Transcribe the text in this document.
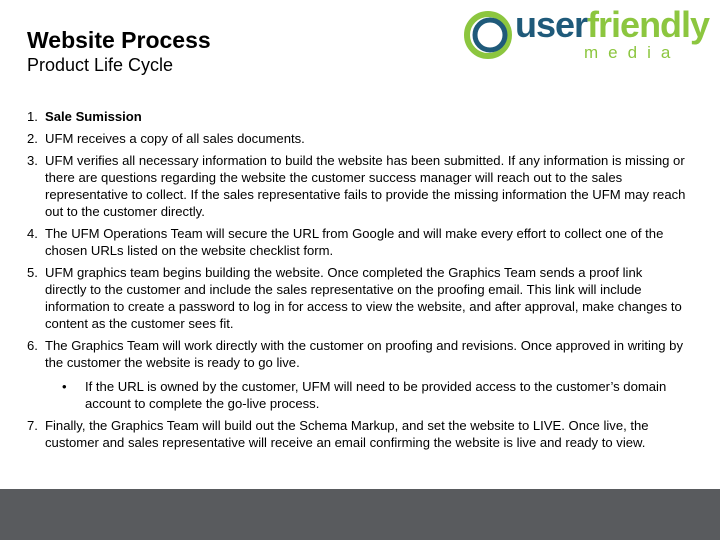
Website Process
Product Life Cycle
userfriendly
media
1. Sale Sumission
2. UFM receives a copy of all sales documents.
3. UFM verifies all necessary information to build the website has been submitted. If any information is missing or there are questions regarding the website the customer success manager will reach out to the sales representative to collect. If the sales representative fails to provide the missing information the UFM may reach out to the customer directly.
4. The UFM Operations Team will secure the URL from Google and will make every effort to collect one of the chosen URLs listed on the website checklist form.
5. UFM graphics team begins building the website. Once completed the Graphics Team sends a proof link directly to the customer and include the sales representative on the proofing email. This link will include information to create a password to log in for access to view the website, and after approval, make changes to content as the customer sees fit.
6. The Graphics Team will work directly with the customer on proofing and revisions. Once approved in writing by the customer the website is ready to go live.
• If the URL is owned by the customer, UFM will need to be provided access to the customer’s domain account to complete the go-live process.
7. Finally, the Graphics Team will build out the Schema Markup, and set the website to LIVE. Once live, the customer and sales representative will receive an email confirming the website is live and ready to view.
